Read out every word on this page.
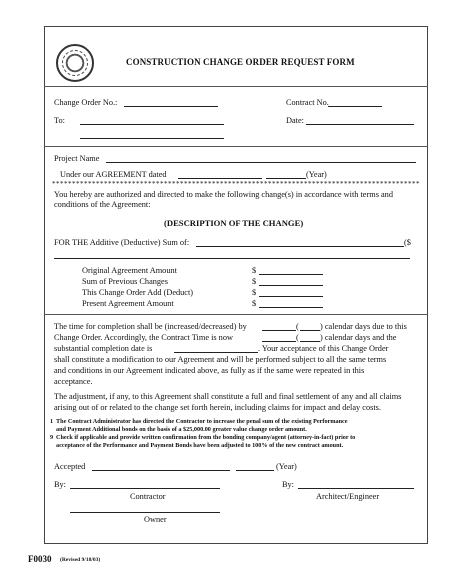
CONSTRUCTION CHANGE ORDER REQUEST FORM
Change Order No.:	Contract No.
To:	Date:
Project Name
Under our AGREEMENT dated	(Year)
********************************************************************************************
You hereby are authorized and directed to make the following change(s) in accordance with terms and
conditions of the Agreement:
(DESCRIPTION OF THE CHANGE)
FOR THE Additive (Deductive) Sum of:	($
Original Agreement Amount	$
Sum of Previous Changes	$
This Change Order Add (Deduct)	$
Present Agreement Amount	$
The time for completion shall be (increased/decreased) by	(	) calendar days due to this
Change Order. Accordingly, the Contract Time is now	(	) calendar days and the
substantial completion date is	. Your acceptance of this Change Order
shall constitute a modification to our Agreement and will be performed subject to all the same terms
and conditions in our Agreement indicated above, as fully as if the same were repeated in this
acceptance.
The adjustment, if any, to this Agreement shall constitute a full and final settlement of any and all claims
arising out of or related to the change set forth herein, including claims for impact and delay costs.
1 The Contract Administrator has directed the Contractor to increase the penal sum of the existing Performance
and Payment Additional bonds on the basis of a $25,000.00 greater value change order amount.
9 Check if applicable and provide written confirmation from the bonding company/agent (attorney-in-fact) prior to
acceptance of the Performance and Payment Bonds have been adjusted to 100% of the new contract amount.
Accepted	(Year)
By:	By:
Contractor	Architect/Engineer
Owner
F0030 (Revised 9/18/03)
